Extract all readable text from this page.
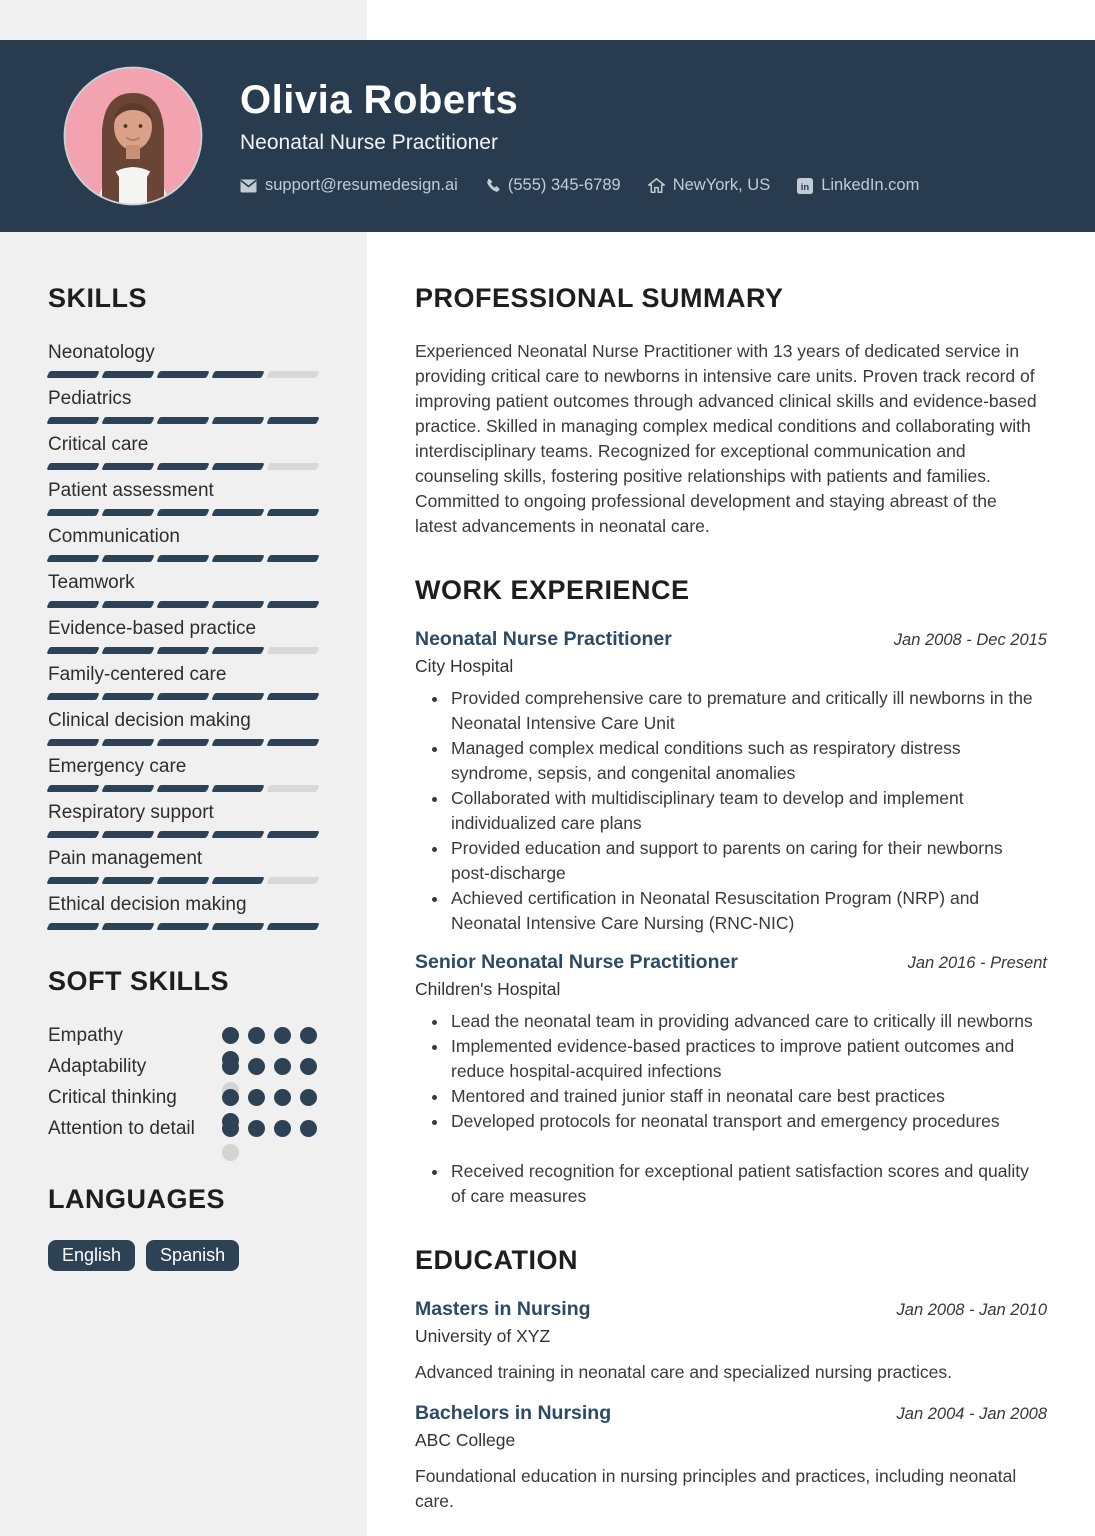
SKILLS
Neonatology
Pediatrics
Critical care
Patient assessment
Communication
Teamwork
Evidence-based practice
Family-centered care
Clinical decision making
Emergency care
Respiratory support
Pain management
Ethical decision making
SOFT SKILLS
Empathy
Adaptability
Critical thinking
Attention to detail
LANGUAGES
English	Spanish
PROFESSIONAL SUMMARY

Experienced Neonatal Nurse Practitioner with 13 years of dedicated service in providing critical care to newborns in intensive care units. Proven track record of improving patient outcomes through advanced clinical skills and evidence-based practice. Skilled in managing complex medical conditions and collaborating with interdisciplinary teams. Recognized for exceptional communication and counseling skills, fostering positive relationships with patients and families. Committed to ongoing professional development and staying abreast of the latest advancements in neonatal care.

WORK EXPERIENCE
Neonatal Nurse Practitioner	Jan 2008 - Dec 2015
City Hospital
• Provided comprehensive care to premature and critically ill newborns in the Neonatal Intensive Care Unit
• Managed complex medical conditions such as respiratory distress syndrome, sepsis, and congenital anomalies
• Collaborated with multidisciplinary team to develop and implement individualized care plans
• Provided education and support to parents on caring for their newborns post-discharge
• Achieved certification in Neonatal Resuscitation Program (NRP) and Neonatal Intensive Care Nursing (RNC-NIC)
Senior Neonatal Nurse Practitioner	Jan 2016 - Present
Children's Hospital
• Lead the neonatal team in providing advanced care to critically ill newborns
• Implemented evidence-based practices to improve patient outcomes and reduce hospital-acquired infections
• Mentored and trained junior staff in neonatal care best practices
• Developed protocols for neonatal transport and emergency procedures
• Received recognition for exceptional patient satisfaction scores and quality of care measures
EDUCATION
Masters in Nursing	Jan 2008 - Jan 2010
University of XYZ

Advanced training in neonatal care and specialized nursing practices.

Bachelors in Nursing	Jan 2004 - Jan 2008
ABC College

Foundational education in nursing principles and practices, including neonatal care.

Olivia Roberts
Neonatal Nurse Practitioner
support@resumedesign.ai	(555) 345-6789	NewYork, US	in LinkedIn.com
